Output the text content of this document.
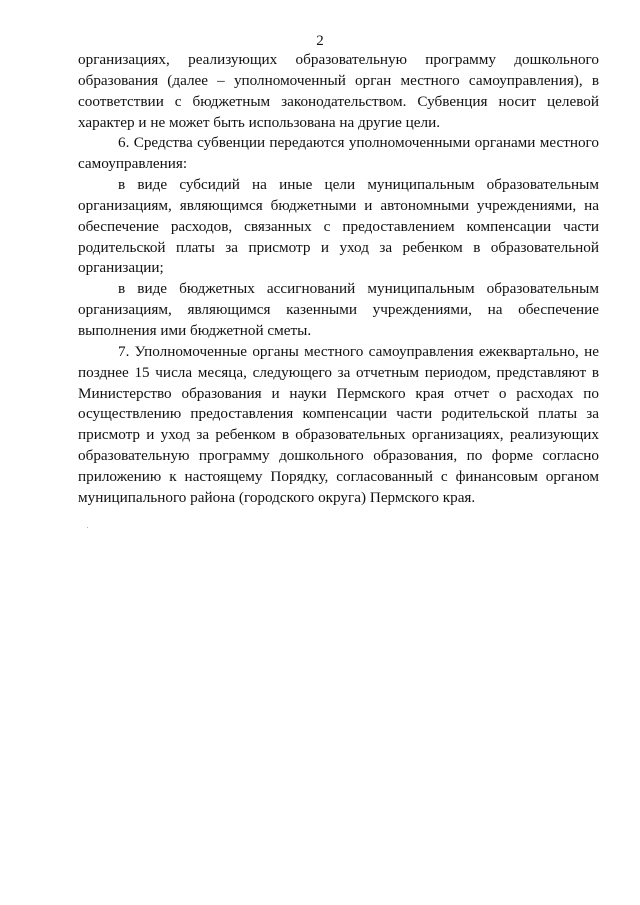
2

организациях, реализующих образовательную программу дошкольного образования (далее – уполномоченный орган местного самоуправления), в соответствии с бюджетным законодательством. Субвенция носит целевой характер и не может быть использована на другие цели.

6. Средства субвенции передаются уполномоченными органами местного самоуправления:

в виде субсидий на иные цели муниципальным образовательным организациям, являющимся бюджетными и автономными учреждениями, на обеспечение расходов, связанных с предоставлением компенсации части родительской платы за присмотр и уход за ребенком в образовательной организации;

в виде бюджетных ассигнований муниципальным образовательным организациям, являющимся казенными учреждениями, на обеспечение выполнения ими бюджетной сметы.

7. Уполномоченные органы местного самоуправления ежеквартально, не позднее 15 числа месяца, следующего за отчетным периодом, представляют в Министерство образования и науки Пермского края отчет о расходах по осуществлению предоставления компенсации части родительской платы за присмотр и уход за ребенком в образовательных организациях, реализующих образовательную программу дошкольного образования, по форме согласно приложению к настоящему Порядку, согласованный с финансовым органом муниципального района (городского округа) Пермского края.
